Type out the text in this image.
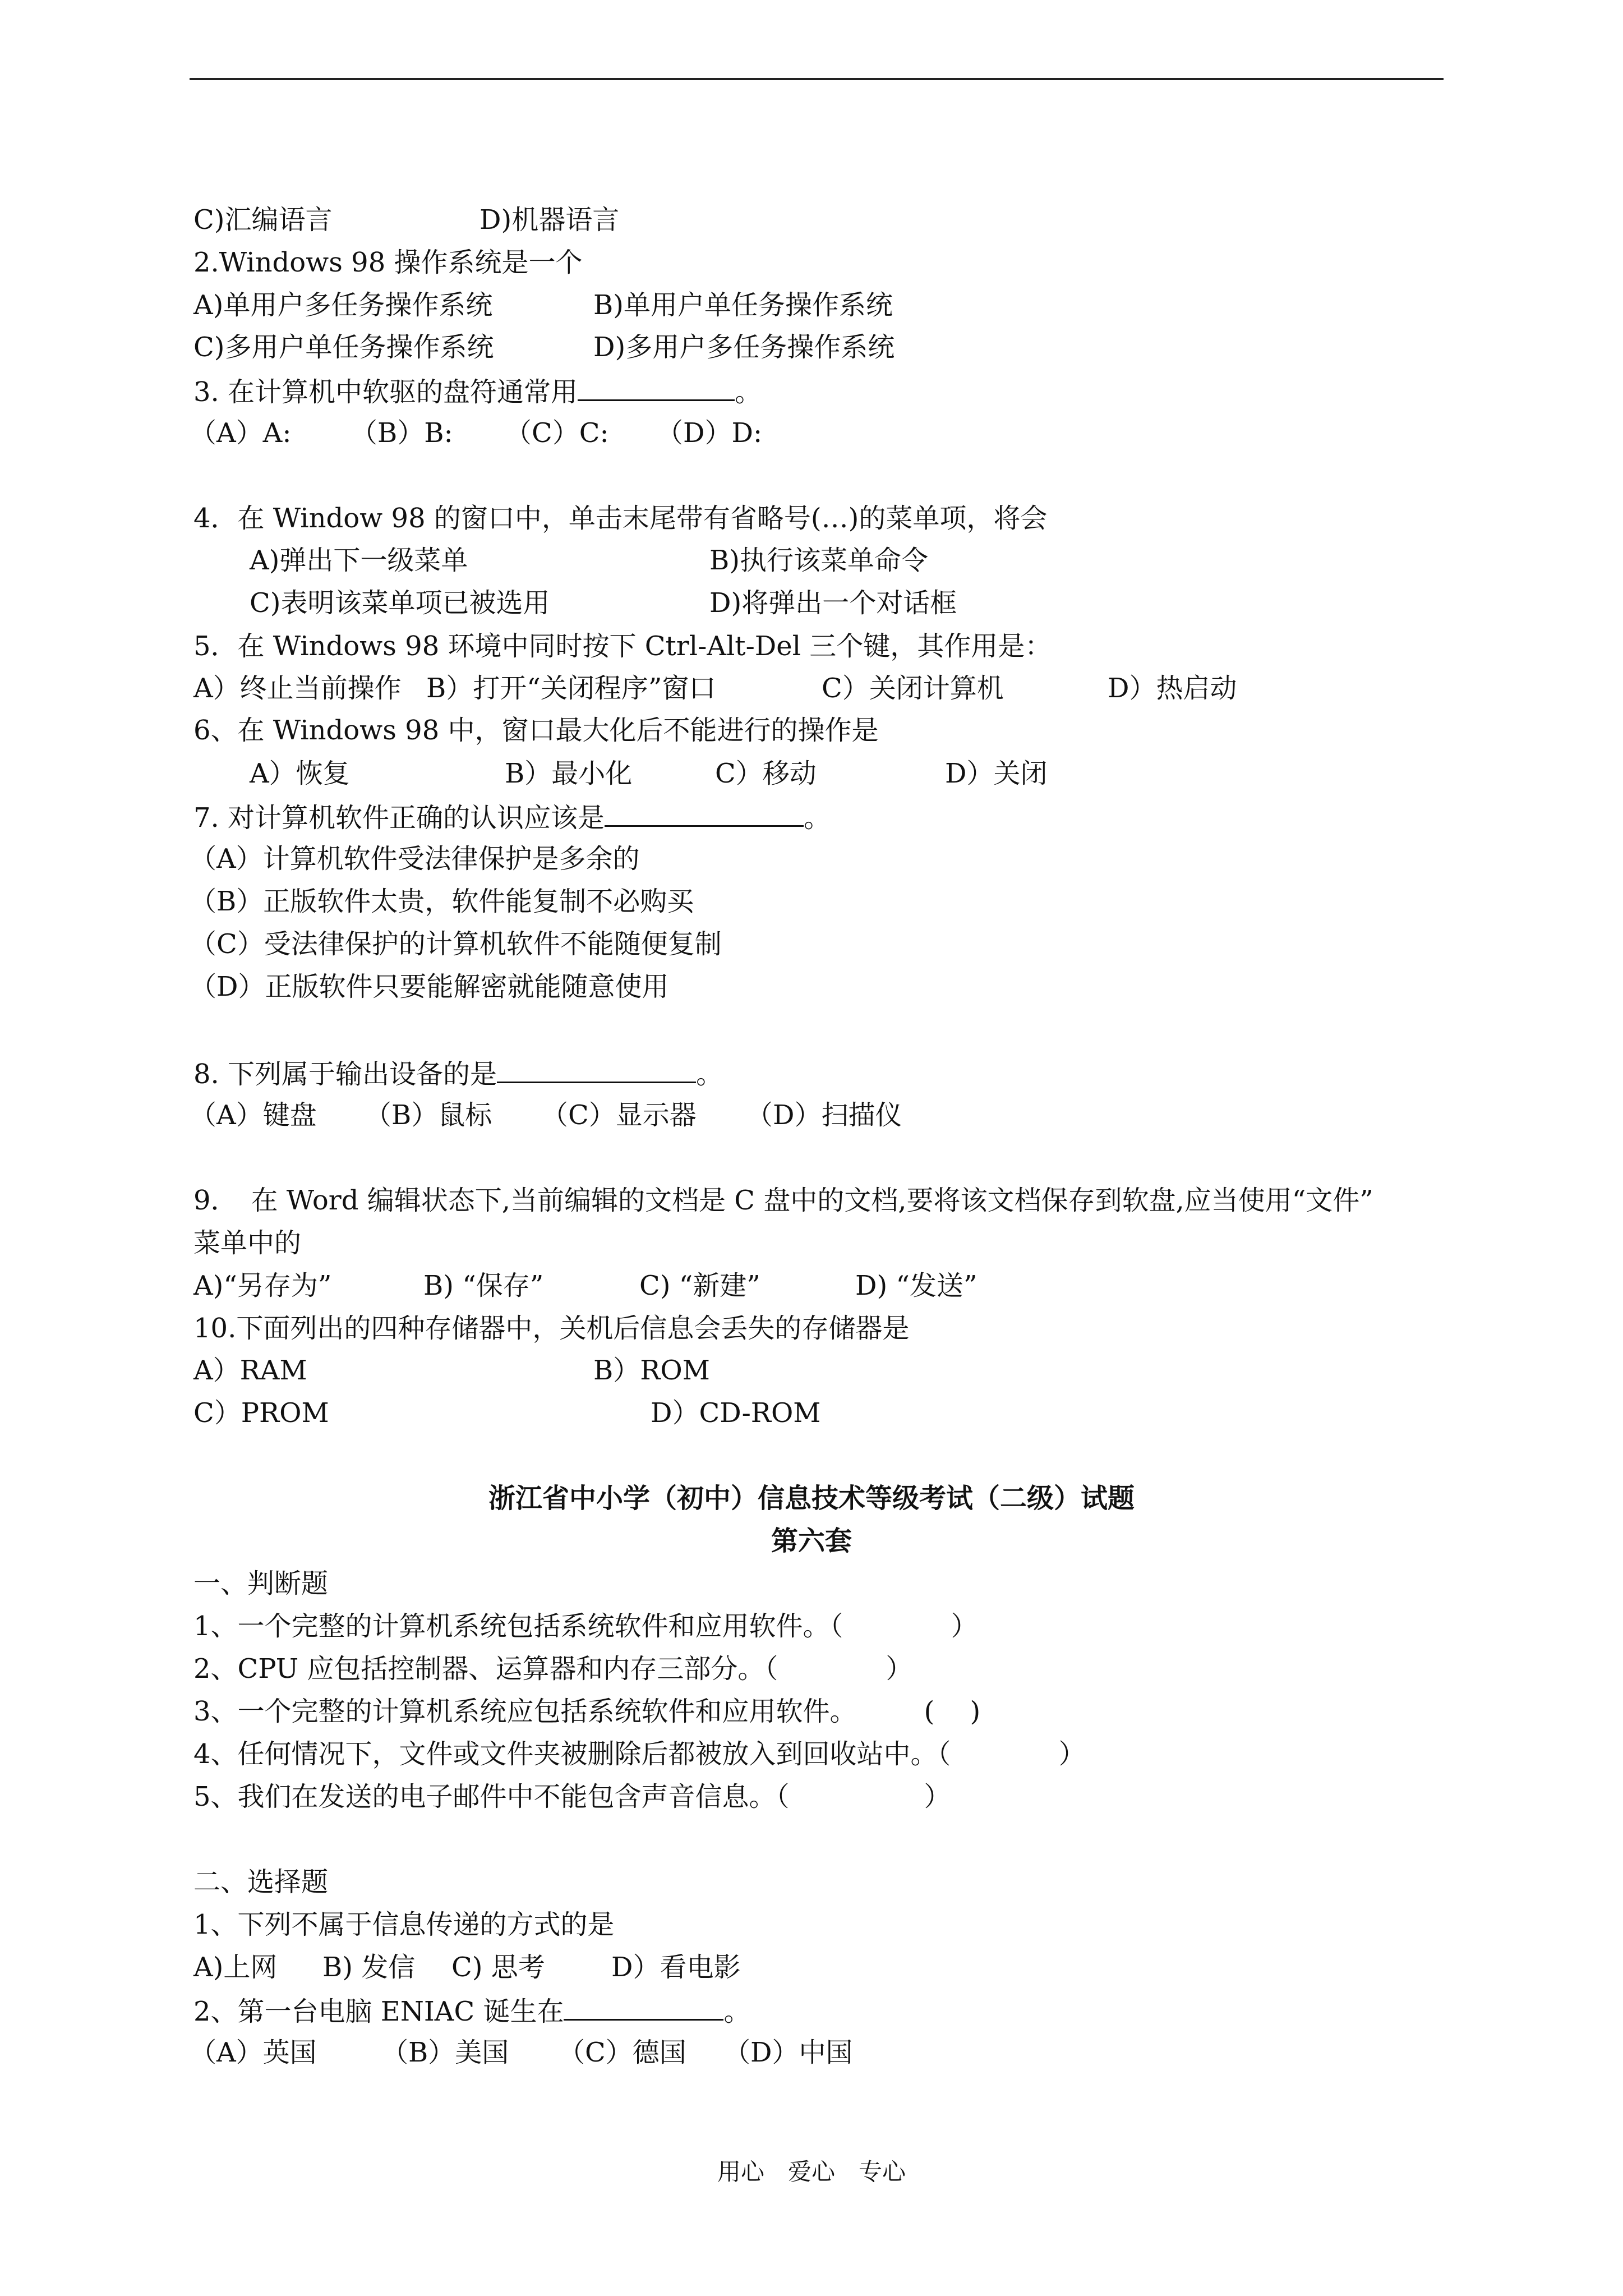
C)汇编语言	D)机器语言
2.Windows 98 操作系统是一个
A)单用户多任务操作系统	B)单用户单任务操作系统
C)多用户单任务操作系统	D)多用户多任务操作系统
3. 在计算机中软驱的盘符通常用	。
（A）A: （B）B: （C）C: （D）D:
4．在 Window 98 的窗口中，单击末尾带有省略号(…)的菜单项，将会
A)弹出下一级菜单	B)执行该菜单命令
C)表明该菜单项已被选用	D)将弹出一个对话框
5．在 Windows 98 环境中同时按下 Ctrl-Alt-Del 三个键，其作用是：
A）终止当前操作 B）打开“关闭程序”窗口	C）关闭计算机	D）热启动
6、在 Windows 98 中，窗口最大化后不能进行的操作是
A）恢复	B）最小化	C）移动	D）关闭
7. 对计算机软件正确的认识应该是	。
（A）计算机软件受法律保护是多余的
（B）正版软件太贵，软件能复制不必购买
（C）受法律保护的计算机软件不能随便复制
（D）正版软件只要能解密就能随意使用
8. 下列属于输出设备的是	。
（A）键盘 （B）鼠标 （C）显示器 （D）扫描仪
9．　在 Word 编辑状态下,当前编辑的文档是 C 盘中的文档,要将该文档保存到软盘,应当使用“文件”
菜单中的
A)“另存为”	B) “保存”	C) “新建”	D) “发送”
10.下面列出的四种存储器中，关机后信息会丢失的存储器是
A）RAM	B）ROM
C）PROM	D）CD-ROM
浙江省中小学（初中）信息技术等级考试（二级）试题
第六套
一、判断题
1、一个完整的计算机系统包括系统软件和应用软件。（　　　　）
2、CPU 应包括控制器、运算器和内存三部分。（　　　　）
3、一个完整的计算机系统应包括系统软件和应用软件。　　　(　 )
4、任何情况下，文件或文件夹被删除后都被放入到回收站中。（　　　　）
5、我们在发送的电子邮件中不能包含声音信息。（　　　　　）
二、选择题
1、下列不属于信息传递的方式的是
A)上网 B) 发信 C) 思考 D）看电影
2、第一台电脑 ENIAC 诞生在	。
（A）英国 （B）美国 （C）德国 （D）中国
用心　爱心　专心
